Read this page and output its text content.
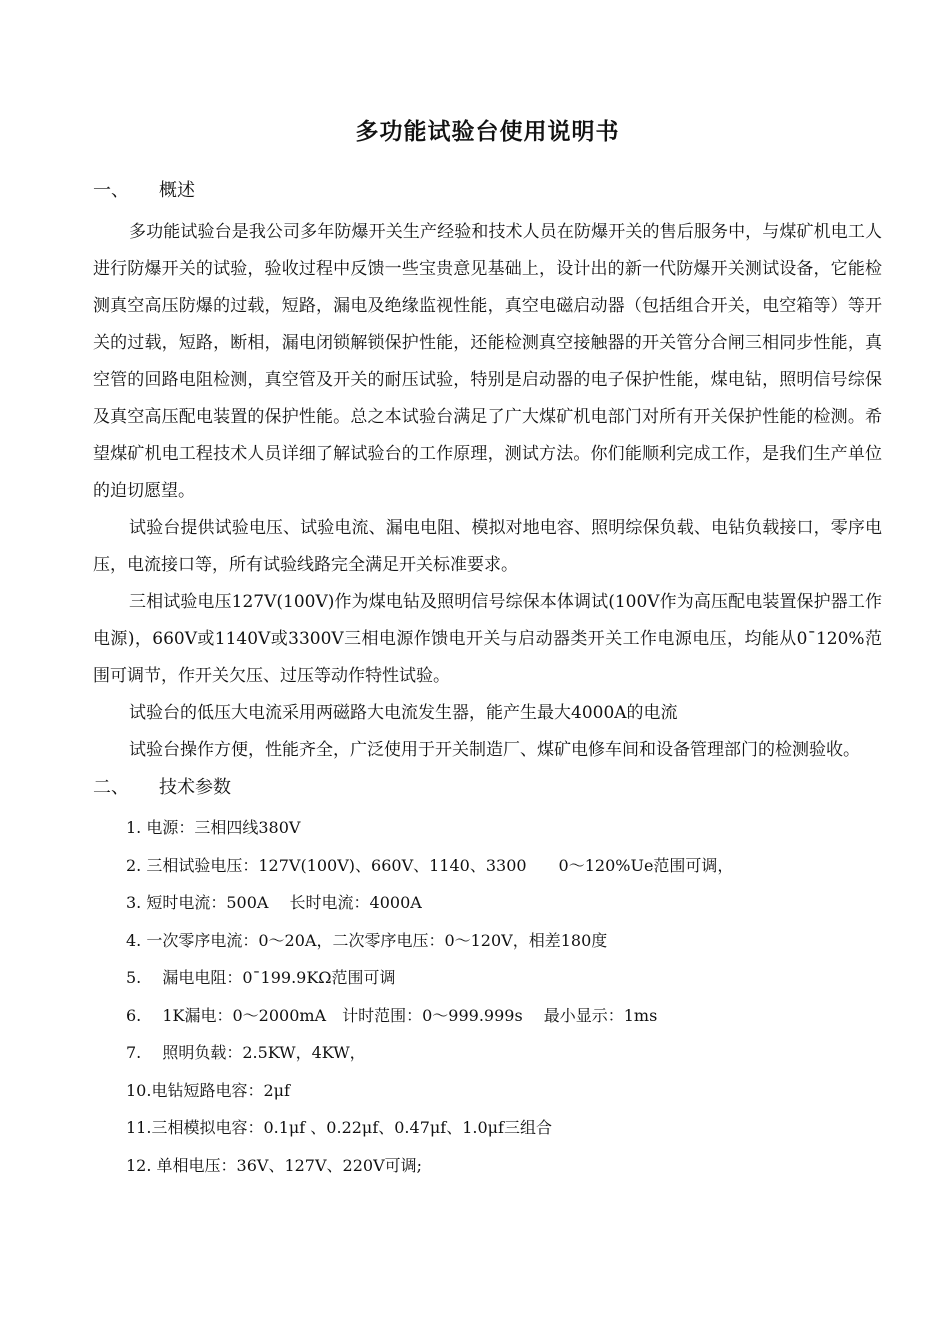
多功能试验台使用说明书
一、 概述

多功能试验台是我公司多年防爆开关生产经验和技术人员在防爆开关的售后服务中，与煤矿机电工人进行防爆开关的试验，验收过程中反馈一些宝贵意见基础上，设计出的新一代防爆开关测试设备，它能检测真空高压防爆的过载，短路，漏电及绝缘监视性能，真空电磁启动器（包括组合开关，电空箱等）等开关的过载，短路，断相，漏电闭锁解锁保护性能，还能检测真空接触器的开关管分合闸三相同步性能，真空管的回路电阻检测，真空管及开关的耐压试验，特别是启动器的电子保护性能，煤电钻，照明信号综保及真空高压配电装置的保护性能。总之本试验台满足了广大煤矿机电部门对所有开关保护性能的检测。希望煤矿机电工程技术人员详细了解试验台的工作原理，测试方法。你们能顺利完成工作，是我们生产单位的迫切愿望。

试验台提供试验电压、试验电流、漏电电阻、模拟对地电容、照明综保负载、电钻负载接口，零序电压，电流接口等，所有试验线路完全满足开关标准要求。

三相试验电压127V(100V)作为煤电钻及照明信号综保本体调试(100V作为高压配电装置保护器工作电源)，660V或1140V或3300V三相电源作馈电开关与启动器类开关工作电源电压，均能从0¯120%范围可调节，作开关欠压、过压等动作特性试验。

试验台的低压大电流采用两磁路大电流发生器，能产生最大4000A的电流

试验台操作方便，性能齐全，广泛使用于开关制造厂、煤矿电修车间和设备管理部门的检测验收。

二、 技术参数
1. 电源：三相四线380V
2. 三相试验电压：127V(100V)、660V、1140、3300　　0～120%Ue范围可调，
3. 短时电流：500A　 长时电流：4000A
4. 一次零序电流：0～20A，二次零序电压：0～120V，相差180度
5.　 漏电电阻：0¯199.9KΩ范围可调
6.　 1K漏电：0～2000mA　计时范围：0～999.999s　 最小显示：1ms
7.　 照明负载：2.5KW，4KW，
10.电钻短路电容：2μf
11.三相模拟电容：0.1μf 、0.22μf、0.47μf、1.0μf三组合
12. 单相电压：36V、127V、220V可调;
